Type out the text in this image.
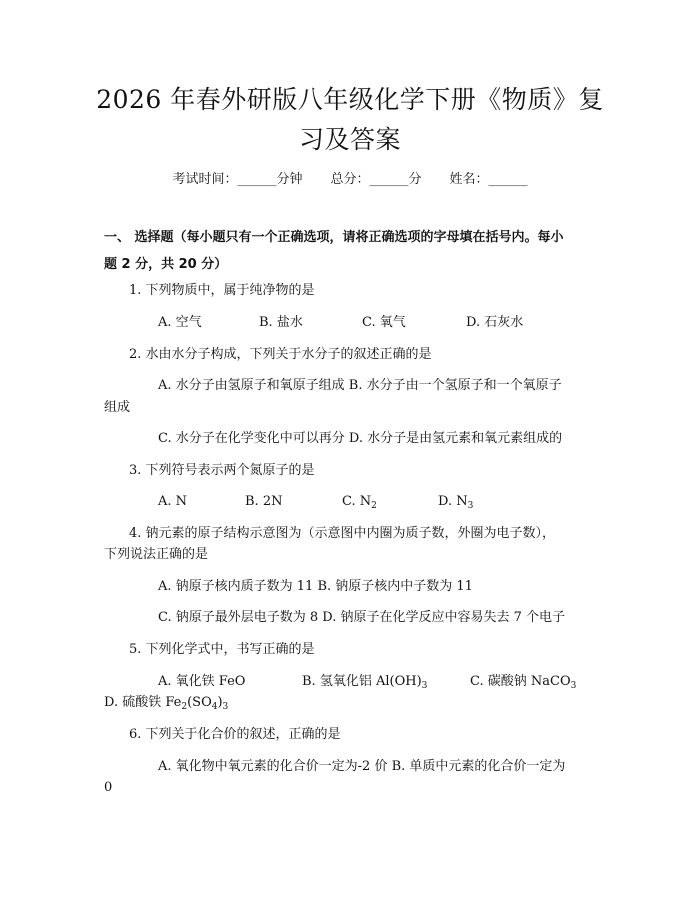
2026 年春外研版八年级化学下册《物质》复
习及答案
考试时间：______分钟 总分：______分 姓名：______
一、 选择题（每小题只有一个正确选项，请将正确选项的字母填在括号内。每小
题 2 分，共 20 分）
1. 下列物质中，属于纯净物的是
A. 空气	B. 盐水	C. 氧气	D. 石灰水
2. 水由水分子构成，下列关于水分子的叙述正确的是
A. 水分子由氢原子和氧原子组成 B. 水分子由一个氢原子和一个氧原子
组成
C. 水分子在化学变化中可以再分 D. 水分子是由氢元素和氧元素组成的
3. 下列符号表示两个氮原子的是
A. N	B. 2N	C. $N_2$	D. $N_3$
4. 钠元素的原子结构示意图为（示意图中内圈为质子数，外圈为电子数），
下列说法正确的是
A. 钠原子核内质子数为 11 B. 钠原子核内中子数为 11
C. 钠原子最外层电子数为 8 D. 钠原子在化学反应中容易失去 7 个电子
5. 下列化学式中，书写正确的是
A. 氧化铁 FeO	B. 氢氧化铝 $Al(OH)_3$	C. 碳酸钠 NaCO$_3$
D. 硫酸铁 $Fe_2(SO_4)_3$
6. 下列关于化合价的叙述，正确的是
A. 氧化物中氧元素的化合价一定为-2 价 B. 单质中元素的化合价一定为
0
